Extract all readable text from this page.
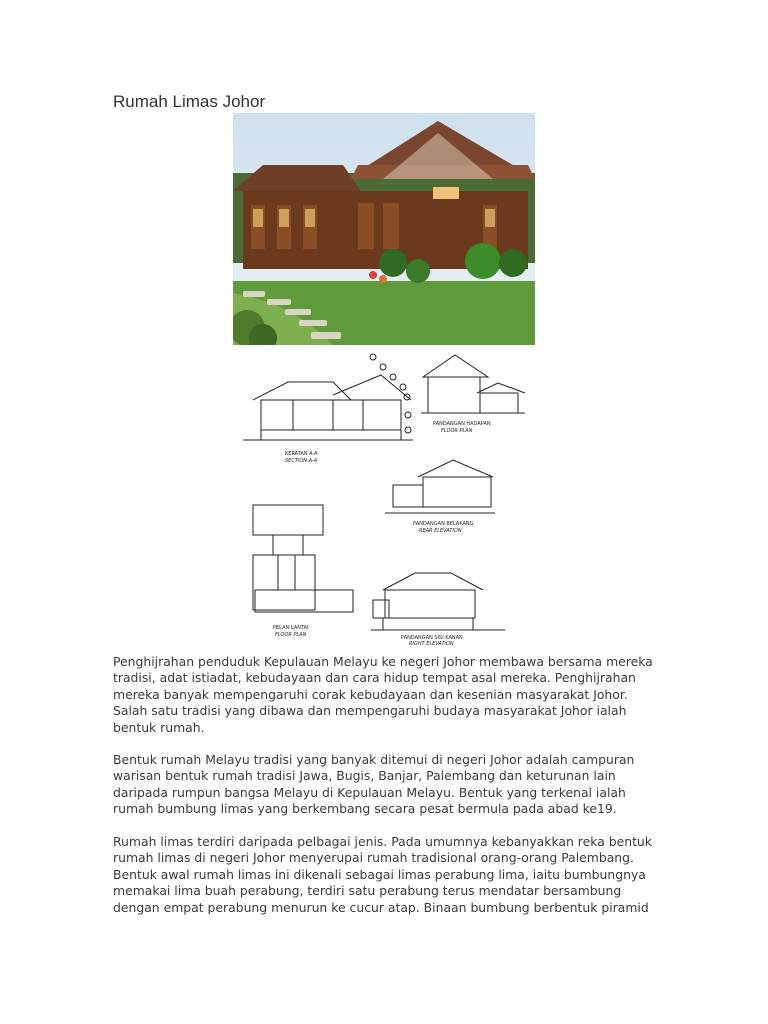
Rumah Limas Johor
KERATAN A-A
SECTION A-A
PANDANGAN HADAPAN
FLOOR PLAN
PANDANGAN BELAKANG
REAR ELEVATION
PELAN LANTAI
FLOOR PLAN	PANDANGAN SISI KANAN
RIGHT ELEVATION
Penghijrahan penduduk Kepulauan Melayu ke negeri Johor membawa bersama mereka
tradisi, adat istiadat, kebudayaan dan cara hidup tempat asal mereka. Penghijrahan
mereka banyak mempengaruhi corak kebudayaan dan kesenian masyarakat Johor.
Salah satu tradisi yang dibawa dan mempengaruhi budaya masyarakat Johor ialah
bentuk rumah.
Bentuk rumah Melayu tradisi yang banyak ditemui di negeri Johor adalah campuran
warisan bentuk rumah tradisi Jawa, Bugis, Banjar, Palembang dan keturunan lain
daripada rumpun bangsa Melayu di Kepulauan Melayu. Bentuk yang terkenal ialah
rumah bumbung limas yang berkembang secara pesat bermula pada abad ke19.
Rumah limas terdiri daripada pelbagai jenis. Pada umumnya kebanyakkan reka bentuk
rumah limas di negeri Johor menyerupai rumah tradisional orang-orang Palembang.
Bentuk awal rumah limas ini dikenali sebagai limas perabung lima, iaitu bumbungnya
memakai lima buah perabung, terdiri satu perabung terus mendatar bersambung
dengan empat perabung menurun ke cucur atap. Binaan bumbung berbentuk piramid
